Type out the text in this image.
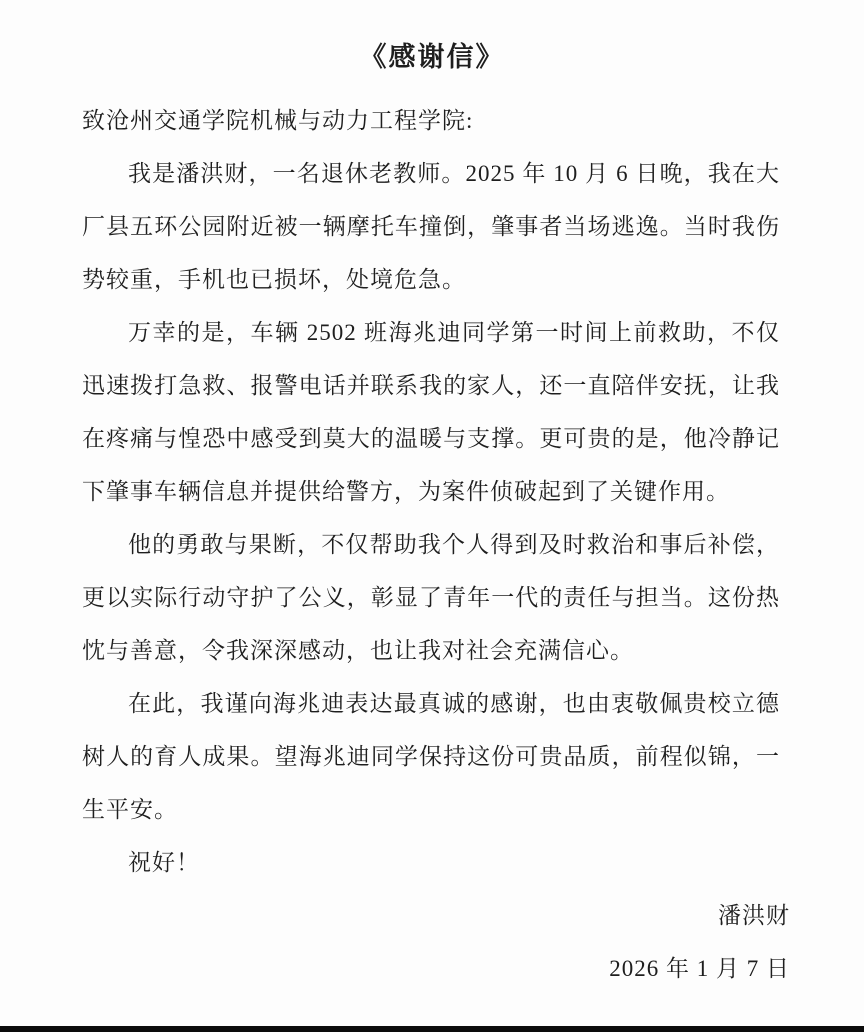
《感谢信》

致沧州交通学院机械与动力工程学院:

我是潘洪财，一名退休老教师。2025 年 10 月 6 日晚，我在大厂县五环公园附近被一辆摩托车撞倒，肇事者当场逃逸。当时我伤势较重，手机也已损坏，处境危急。

万幸的是，车辆 2502 班海兆迪同学第一时间上前救助，不仅迅速拨打急救、报警电话并联系我的家人，还一直陪伴安抚，让我在疼痛与惶恐中感受到莫大的温暖与支撑。更可贵的是，他冷静记下肇事车辆信息并提供给警方，为案件侦破起到了关键作用。

他的勇敢与果断，不仅帮助我个人得到及时救治和事后补偿，更以实际行动守护了公义，彰显了青年一代的责任与担当。这份热忱与善意，令我深深感动，也让我对社会充满信心。

在此，我谨向海兆迪表达最真诚的感谢，也由衷敬佩贵校立德树人的育人成果。望海兆迪同学保持这份可贵品质，前程似锦，一生平安。

祝好！

潘洪财

2026 年 1 月 7 日
